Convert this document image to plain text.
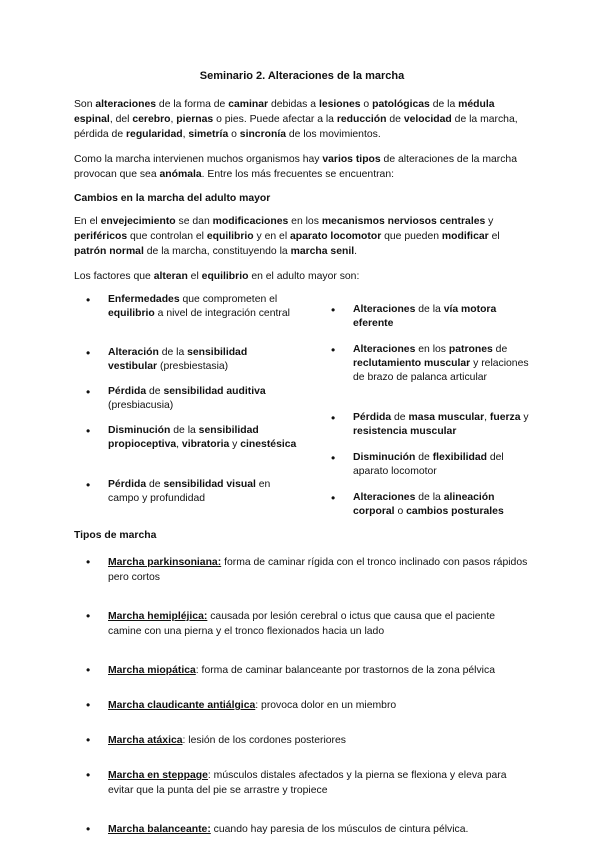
Seminario 2. Alteraciones de la marcha
Son alteraciones de la forma de caminar debidas a lesiones o patológicas de la médula espinal, del cerebro, piernas o pies. Puede afectar a la reducción de velocidad de la marcha, pérdida de regularidad, simetría o sincronía de los movimientos.
Como la marcha intervienen muchos organismos hay varios tipos de alteraciones de la marcha provocan que sea anómala. Entre los más frecuentes se encuentran:
Cambios en la marcha del adulto mayor
En el envejecimiento se dan modificaciones en los mecanismos nerviosos centrales y periféricos que controlan el equilibrio y en el aparato locomotor que pueden modificar el patrón normal de la marcha, constituyendo la marcha senil.
Los factores que alteran el equilibrio en el adulto mayor son:
• Enfermedades que comprometen el equilibrio a nivel de integración central
• Alteración de la sensibilidad vestibular (presbiestasia)
• Pérdida de sensibilidad auditiva (presbiacusia)
• Disminución de la sensibilidad propioceptiva, vibratoria y cinestésica
• Pérdida de sensibilidad visual en campo y profundidad
• Alteraciones de la vía motora eferente
• Alteraciones en los patrones de reclutamiento muscular y relaciones de brazo de palanca articular
• Pérdida de masa muscular, fuerza y resistencia muscular
• Disminución de flexibilidad del aparato locomotor
• Alteraciones de la alineación corporal o cambios posturales
Tipos de marcha
• Marcha parkinsoniana: forma de caminar rígida con el tronco inclinado con pasos rápidos pero cortos
• Marcha hemipléjica: causada por lesión cerebral o ictus que causa que el paciente camine con una pierna y el tronco flexionados hacia un lado
• Marcha miopática: forma de caminar balanceante por trastornos de la zona pélvica
• Marcha claudicante antiálgica: provoca dolor en un miembro
• Marcha atáxica: lesión de los cordones posteriores
• Marcha en steppage: músculos distales afectados y la pierna se flexiona y eleva para evitar que la punta del pie se arrastre y tropiece
• Marcha balanceante: cuando hay paresia de los músculos de cintura pélvica.
